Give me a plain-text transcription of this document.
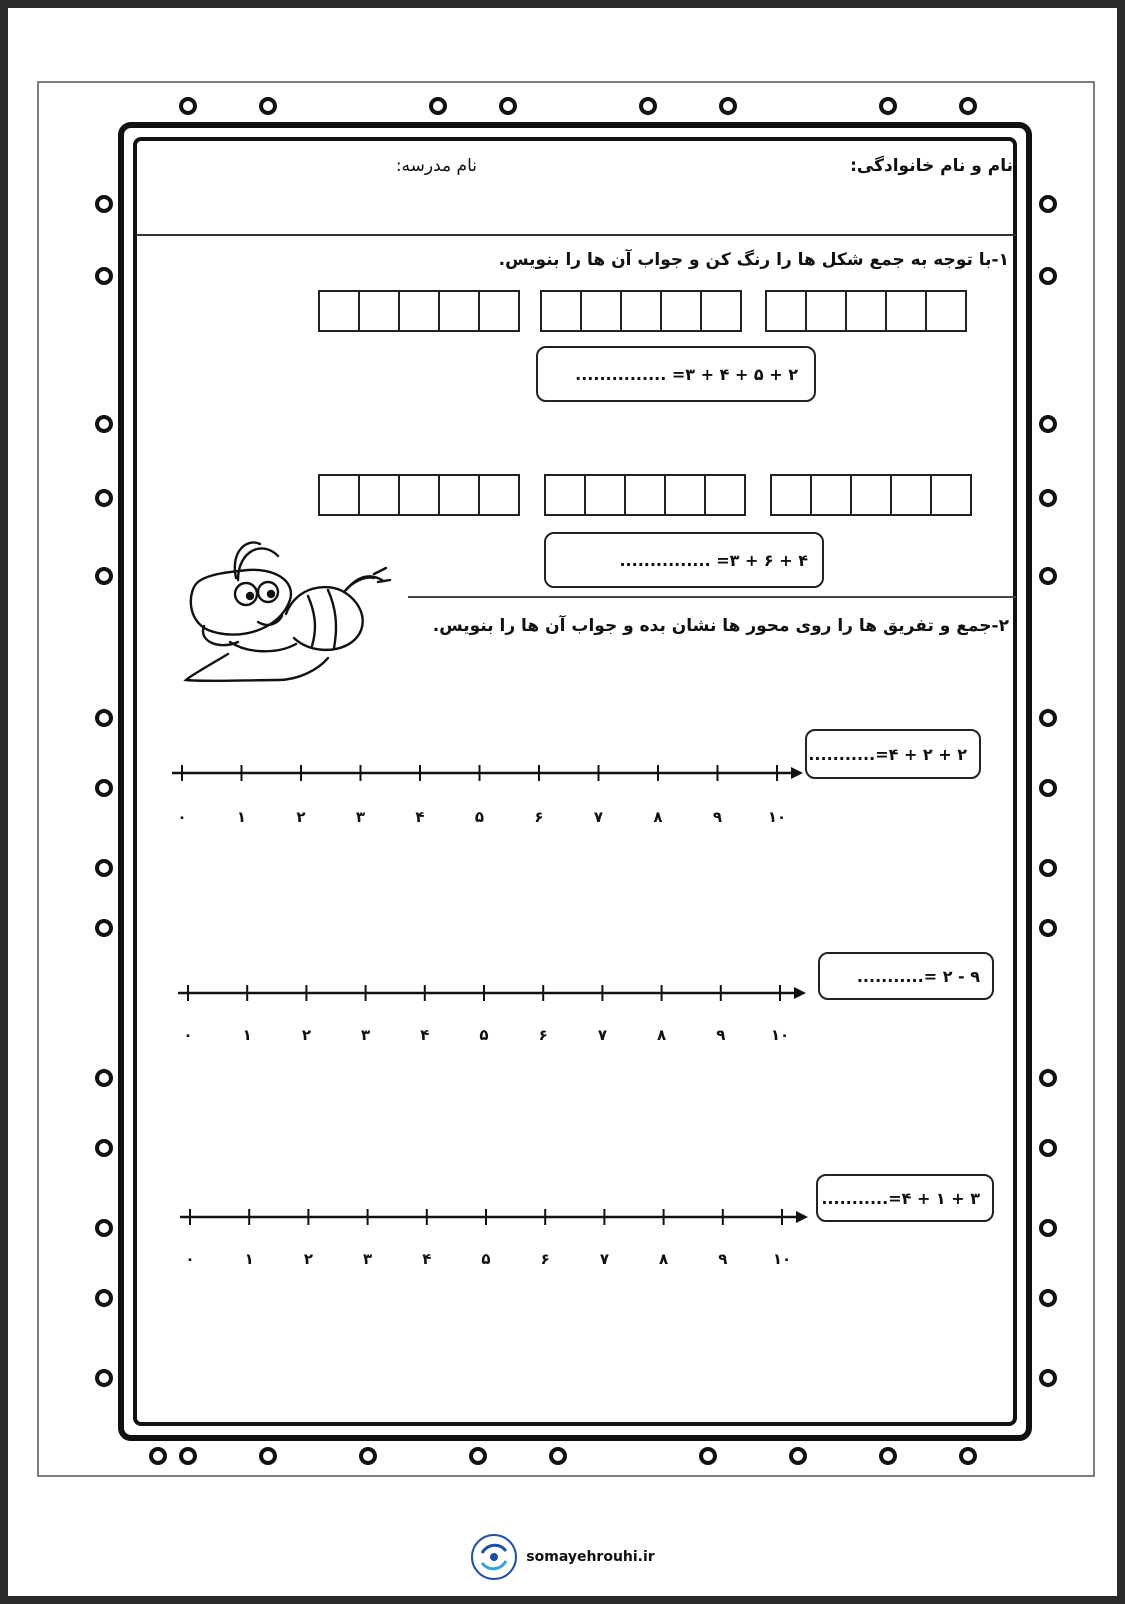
نام و نام خانوادگی:
نام مدرسه:
۱-با توجه به جمع شکل ها را رنگ کن و جواب آن ها را بنویس.
۲ + ۵ + ۴ + ۳= ...............
۴ + ۶ + ۳= ...............
۲-جمع و تفریق ها را روی محور ها نشان بده و جواب آن ها را بنویس.
۲ + ۲ + ۴=...........
۰	۱	۲	۳	۴	۵	۶	۷	۸	۹	۱۰
۹ - ۲ =...........
۰	۱	۲	۳	۴	۵	۶	۷	۸	۹	۱۰
۳ + ۱ + ۴=...........
۰	۱	۲	۳	۴	۵	۶	۷	۸	۹	۱۰
somayehrouhi.ir
